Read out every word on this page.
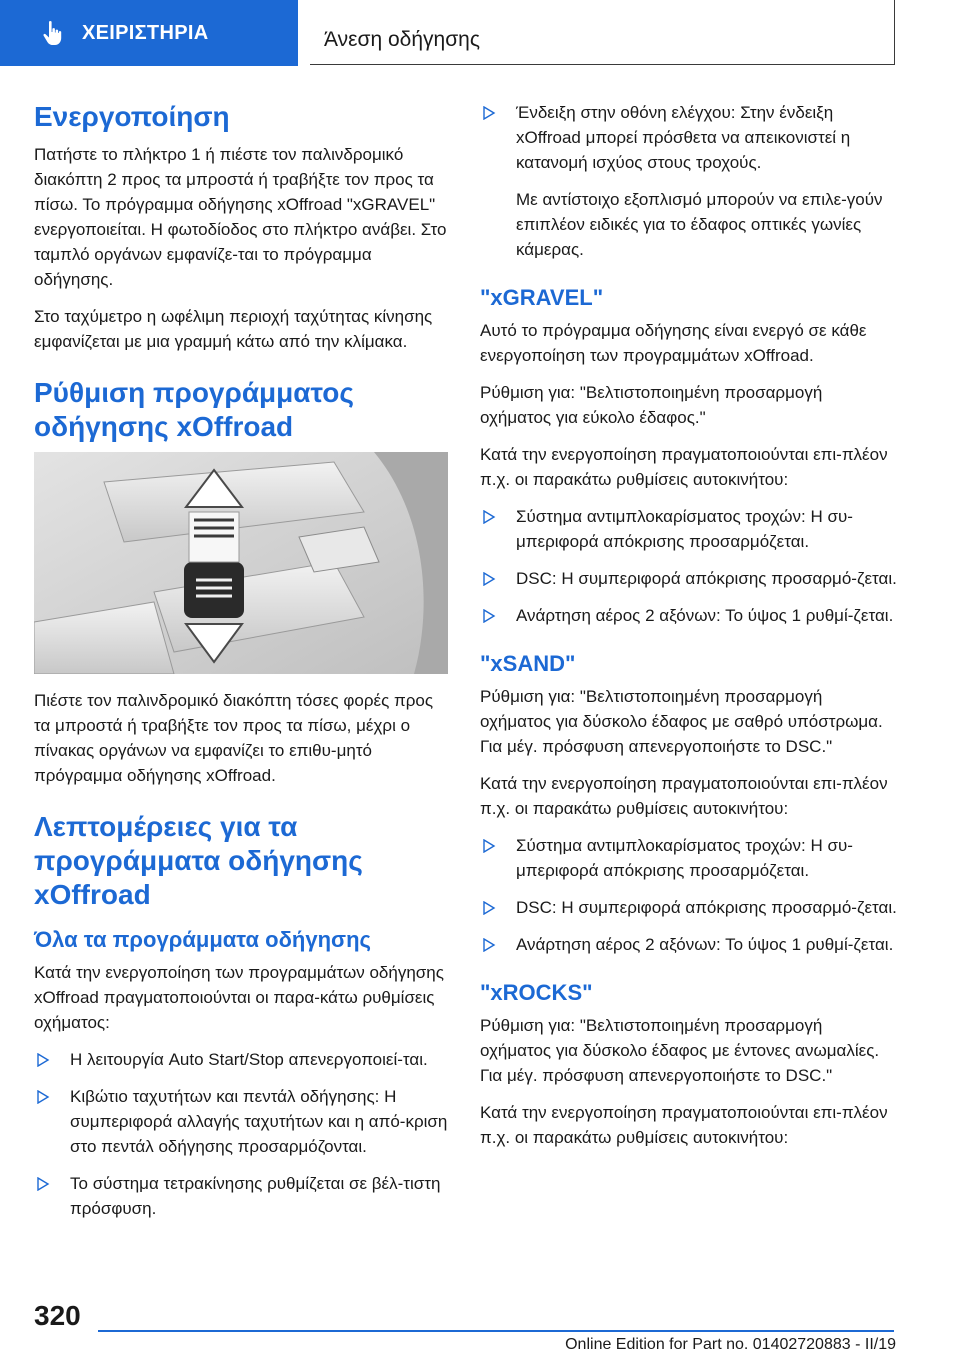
ΧΕΙΡΙΣΤΗΡΙΑ	Άνεση οδήγησης
Ενεργοποίηση

Πατήστε το πλήκτρο 1 ή πιέστε τον παλινδρομικό διακόπτη 2 προς τα μπροστά ή τραβήξτε τον προς τα πίσω. Το πρόγραμμα οδήγησης xOffroad "xGRAVEL" ενεργοποιείται. Η φωτοδίοδος στο πλήκτρο ανάβει. Στο ταμπλό οργάνων εμφανίζε-ται το πρόγραμμα οδήγησης.

Στο ταχύμετρο η ωφέλιμη περιοχή ταχύτητας κίνησης εμφανίζεται με μια γραμμή κάτω από την κλίμακα.

Ρύθμιση προγράμματος οδήγησης xOffroad

Πιέστε τον παλινδρομικό διακόπτη τόσες φορές προς τα μπροστά ή τραβήξτε τον προς τα πίσω, μέχρι ο πίνακας οργάνων να εμφανίζει το επιθυ-μητό πρόγραμμα οδήγησης xOffroad.

Λεπτομέρειες για τα προγράμματα οδήγησης xOffroad
Όλα τα προγράμματα οδήγησης

Κατά την ενεργοποίηση των προγραμμάτων οδήγησης xOffroad πραγματοποιούνται οι παρα-κάτω ρυθμίσεις οχήματος:

Η λειτουργία Auto Start/Stop απενεργοποιεί-ται.
Κιβώτιο ταχυτήτων και πεντάλ οδήγησης: Η συμπεριφορά αλλαγής ταχυτήτων και η από-κριση στο πεντάλ οδήγησης προσαρμόζονται.
Το σύστημα τετρακίνησης ρυθμίζεται σε βέλ-τιστη πρόσφυση.
Ένδειξη στην οθόνη ελέγχου: Στην ένδειξη xOffroad μπορεί πρόσθετα να απεικονιστεί η κατανομή ισχύος στους τροχούς.

Με αντίστοιχο εξοπλισμό μπορούν να επιλε-γούν επιπλέον ειδικές για το έδαφος οπτικές γωνίες κάμερας.

"xGRAVEL"

Αυτό το πρόγραμμα οδήγησης είναι ενεργό σε κάθε ενεργοποίηση των προγραμμάτων xOffroad.

Ρύθμιση για: "Βελτιστοποιημένη προσαρμογή οχήματος για εύκολο έδαφος."

Κατά την ενεργοποίηση πραγματοποιούνται επι-πλέον π.χ. οι παρακάτω ρυθμίσεις αυτοκινήτου:

Σύστημα αντιμπλοκαρίσματος τροχών: Η συ-μπεριφορά απόκρισης προσαρμόζεται.
DSC: Η συμπεριφορά απόκρισης προσαρμό-ζεται.
Ανάρτηση αέρος 2 αξόνων: Το ύψος 1 ρυθμί-ζεται.
"xSAND"

Ρύθμιση για: "Βελτιστοποιημένη προσαρμογή οχήματος για δύσκολο έδαφος με σαθρό υπόστρωμα. Για μέγ. πρόσφυση απενεργοποιήστε το DSC."

Κατά την ενεργοποίηση πραγματοποιούνται επι-πλέον π.χ. οι παρακάτω ρυθμίσεις αυτοκινήτου:

Σύστημα αντιμπλοκαρίσματος τροχών: Η συ-μπεριφορά απόκρισης προσαρμόζεται.
DSC: Η συμπεριφορά απόκρισης προσαρμό-ζεται.
Ανάρτηση αέρος 2 αξόνων: Το ύψος 1 ρυθμί-ζεται.
"xROCKS"

Ρύθμιση για: "Βελτιστοποιημένη προσαρμογή οχήματος για δύσκολο έδαφος με έντονες ανωμαλίες. Για μέγ. πρόσφυση απενεργοποιήστε το DSC."

Κατά την ενεργοποίηση πραγματοποιούνται επι-πλέον π.χ. οι παρακάτω ρυθμίσεις αυτοκινήτου:

320
Online Edition for Part no. 01402720883 - II/19
